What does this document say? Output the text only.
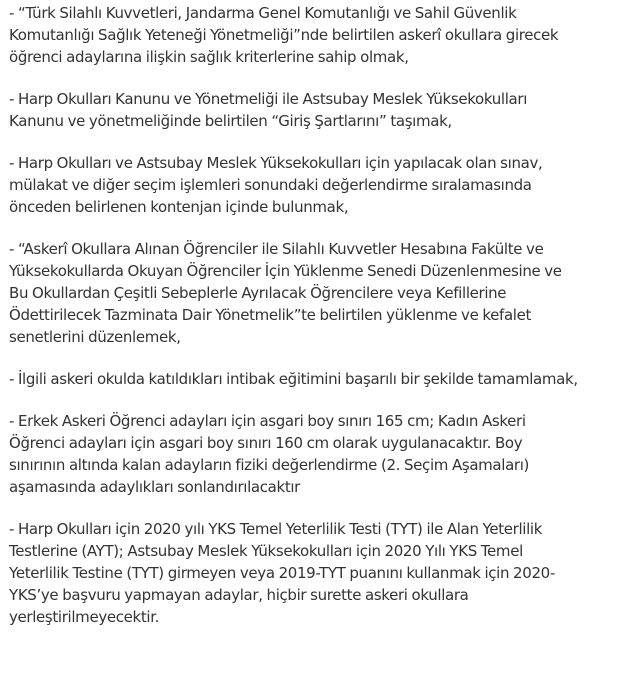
- “Türk Silahlı Kuvvetleri, Jandarma Genel Komutanlığı ve Sahil Güvenlik
Komutanlığı Sağlık Yeteneği Yönetmeliği”nde belirtilen askerî okullara girecek
öğrenci adaylarına ilişkin sağlık kriterlerine sahip olmak,

- Harp Okulları Kanunu ve Yönetmeliği ile Astsubay Meslek Yüksekokulları
Kanunu ve yönetmeliğinde belirtilen “Giriş Şartlarını” taşımak,

- Harp Okulları ve Astsubay Meslek Yüksekokulları için yapılacak olan sınav,
mülakat ve diğer seçim işlemleri sonundaki değerlendirme sıralamasında
önceden belirlenen kontenjan içinde bulunmak,

- “Askerî Okullara Alınan Öğrenciler ile Silahlı Kuvvetler Hesabına Fakülte ve
Yüksekokullarda Okuyan Öğrenciler İçin Yüklenme Senedi Düzenlenmesine ve
Bu Okullardan Çeşitli Sebeplerle Ayrılacak Öğrencilere veya Kefillerine
Ödettirilecek Tazminata Dair Yönetmelik”te belirtilen yüklenme ve kefalet
senetlerini düzenlemek,

- İlgili askeri okulda katıldıkları intibak eğitimini başarılı bir şekilde tamamlamak,

- Erkek Askeri Öğrenci adayları için asgari boy sınırı 165 cm; Kadın Askeri
Öğrenci adayları için asgari boy sınırı 160 cm olarak uygulanacaktır. Boy
sınırının altında kalan adayların fiziki değerlendirme (2. Seçim Aşamaları)
aşamasında adaylıkları sonlandırılacaktır

- Harp Okulları için 2020 yılı YKS Temel Yeterlilik Testi (TYT) ile Alan Yeterlilik
Testlerine (AYT); Astsubay Meslek Yüksekokulları için 2020 Yılı YKS Temel
Yeterlilik Testine (TYT) girmeyen veya 2019-TYT puanını kullanmak için 2020-
YKS’ye başvuru yapmayan adaylar, hiçbir surette askeri okullara
yerleştirilmeyecektir.
